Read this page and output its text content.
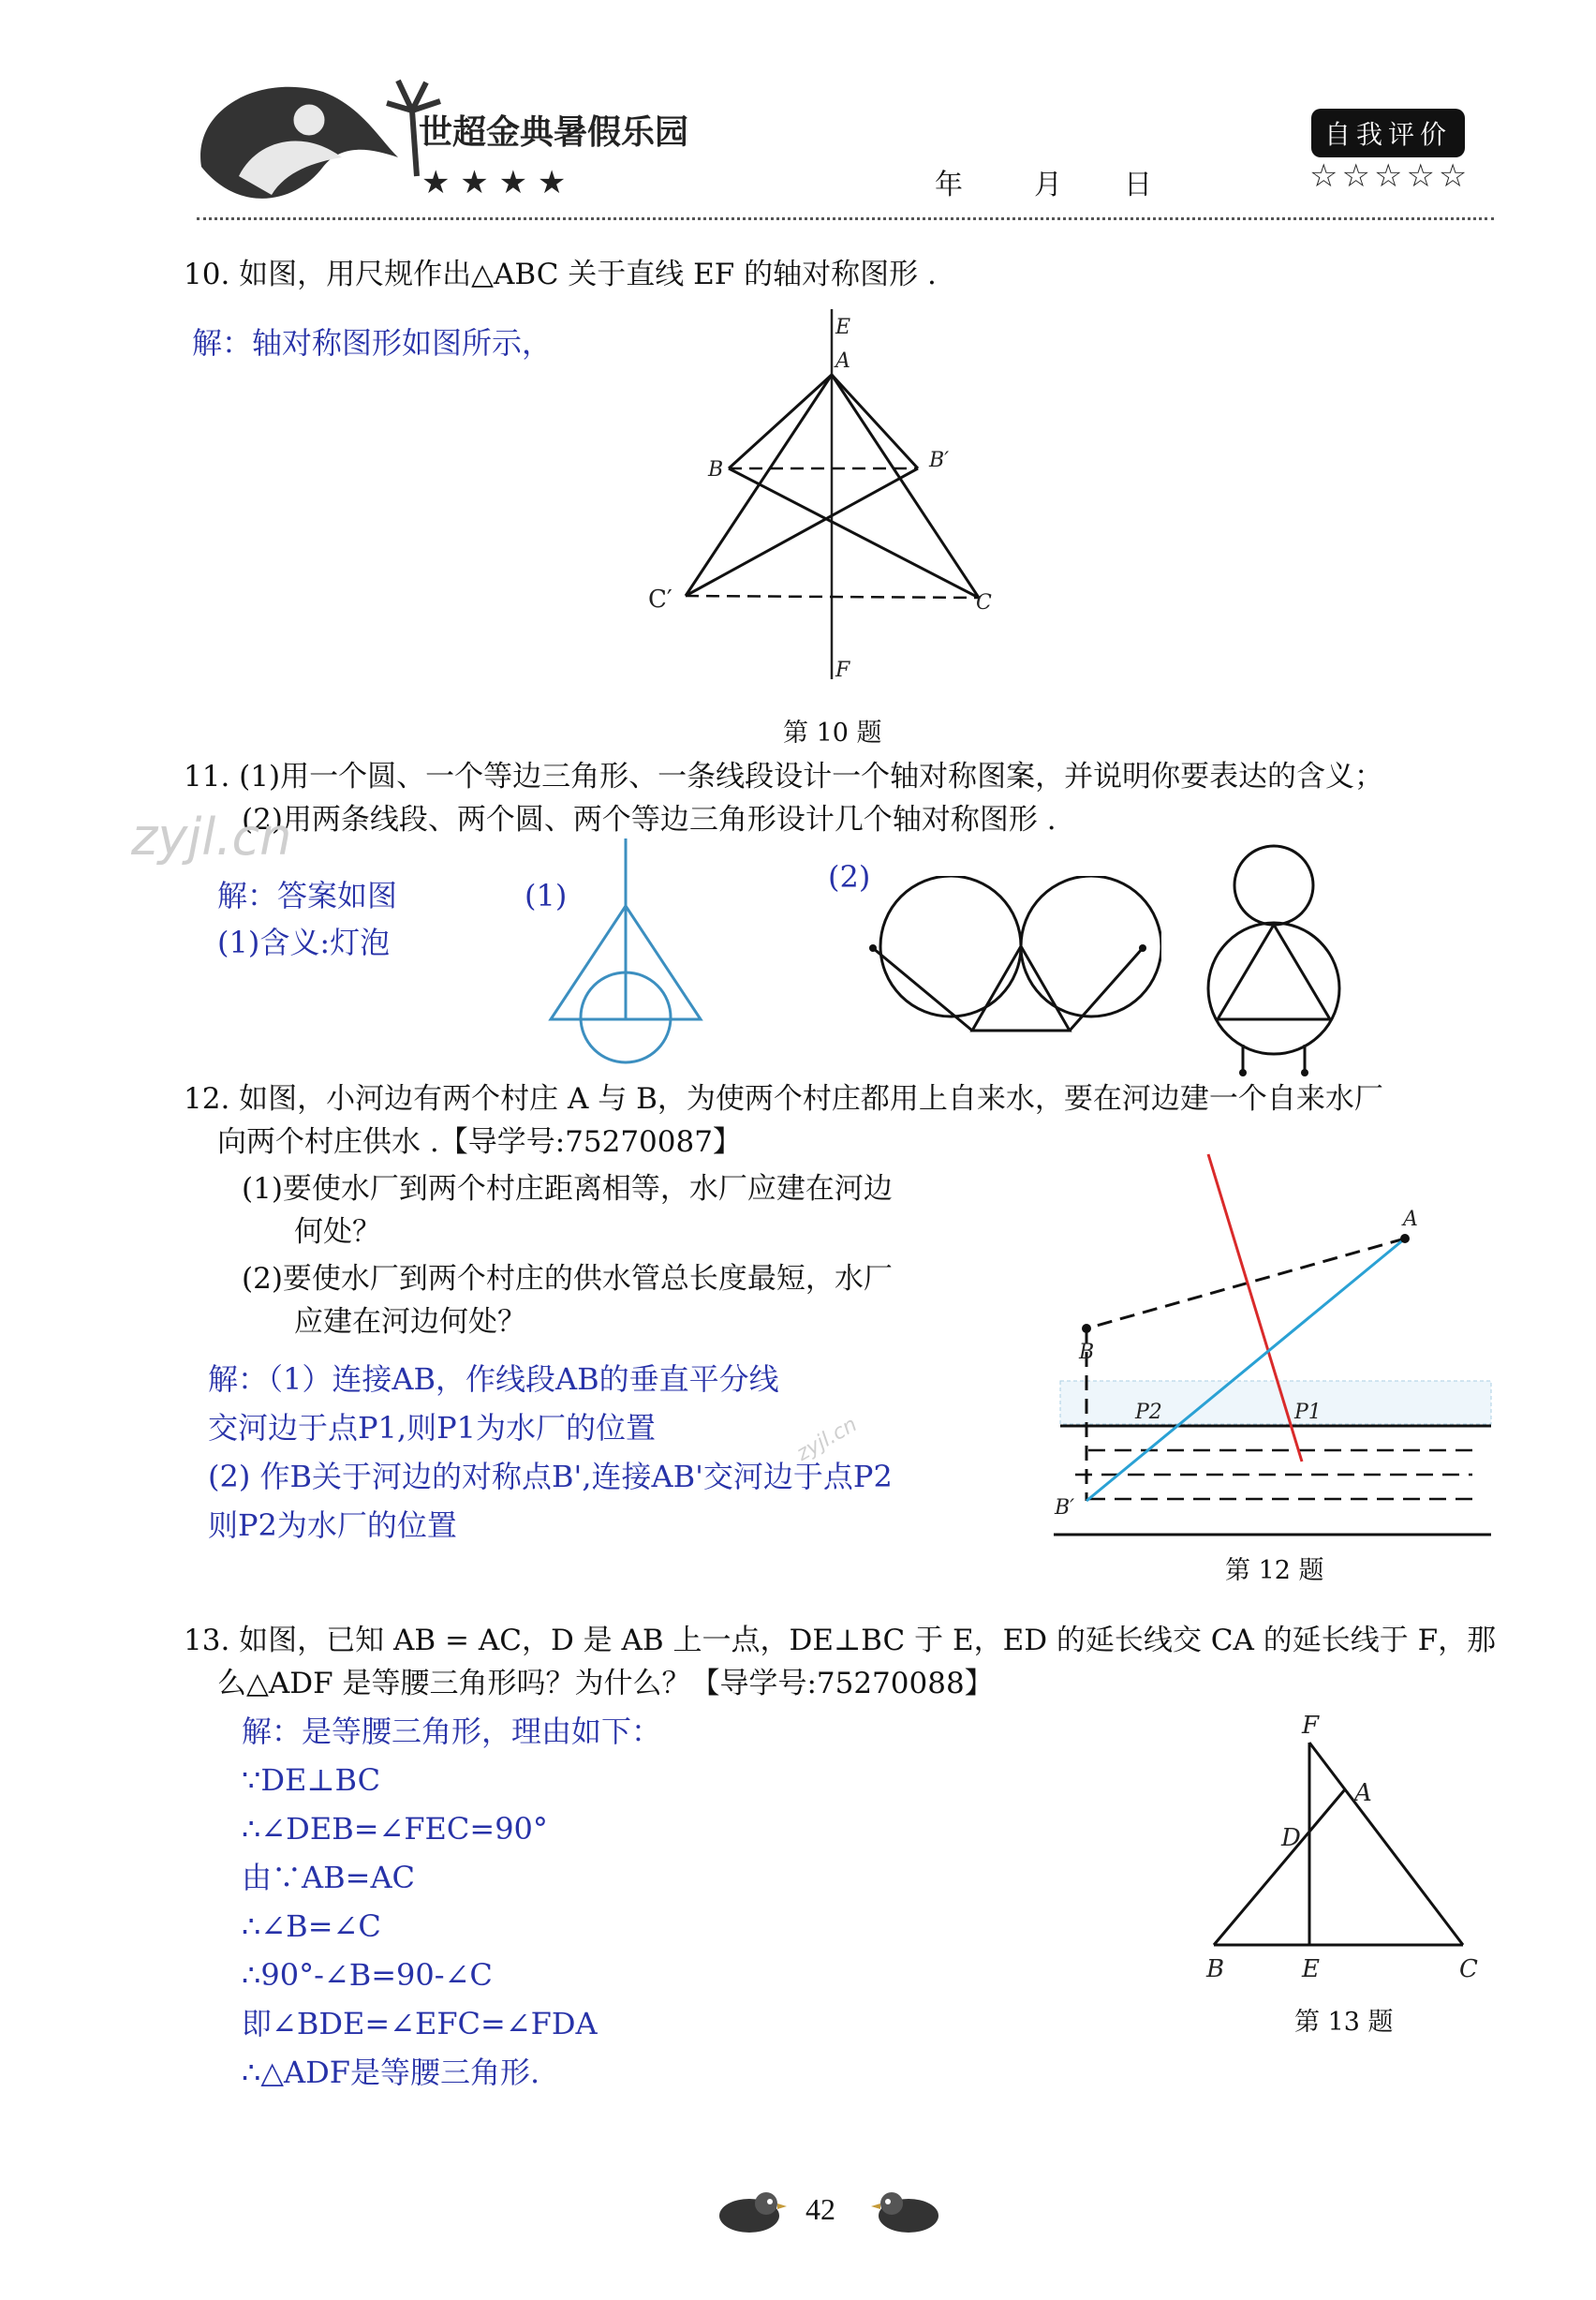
世超金典暑假乐园
★ ★ ★ ★	年	月 日
自我评价
☆☆☆☆☆
10. 如图，用尺规作出△ABC 关于直线 EF 的轴对称图形 .
解：轴对称图形如图所示，	E
A
B	B′
C′	C
F
第 10 题
11. (1)用一个圆、一个等边三角形、一条线段设计一个轴对称图案，并说明你要表达的含义；
(2)用两条线段、两个圆、两个等边三角形设计几个轴对称图形 .
zyjl.cn
解：答案如图
(1)含义:灯泡
(1)
(2)
12. 如图，小河边有两个村庄 A 与 B，为使两个村庄都用上自来水，要在河边建一个自来水厂
向两个村庄供水 .【导学号:75270087】
(1)要使水厂到两个村庄距离相等，水厂应建在河边
何处？
(2)要使水厂到两个村庄的供水管总长度最短，水厂
应建在河边何处？
解：（1）连接AB，作线段AB的垂直平分线
交河边于点P1,则P1为水厂的位置
(2) 作B关于河边的对称点B',连接AB'交河边于点P2
则P2为水厂的位置
zyjl.cn
A
B
B′
P2	P1
第 12 题
13. 如图，已知 AB = AC，D 是 AB 上一点，DE⊥BC 于 E，ED 的延长线交 CA 的延长线于 F，那
么△ADF 是等腰三角形吗？为什么？【导学号:75270088】
解：是等腰三角形，理由如下：
∵DE⊥BC
∴∠DEB=∠FEC=90°
由∵AB=AC
∴∠B=∠C
∴90°-∠B=90-∠C
即∠BDE=∠EFC=∠FDA
∴△ADF是等腰三角形.
F
A
D
B	E	C
第 13 题
42
